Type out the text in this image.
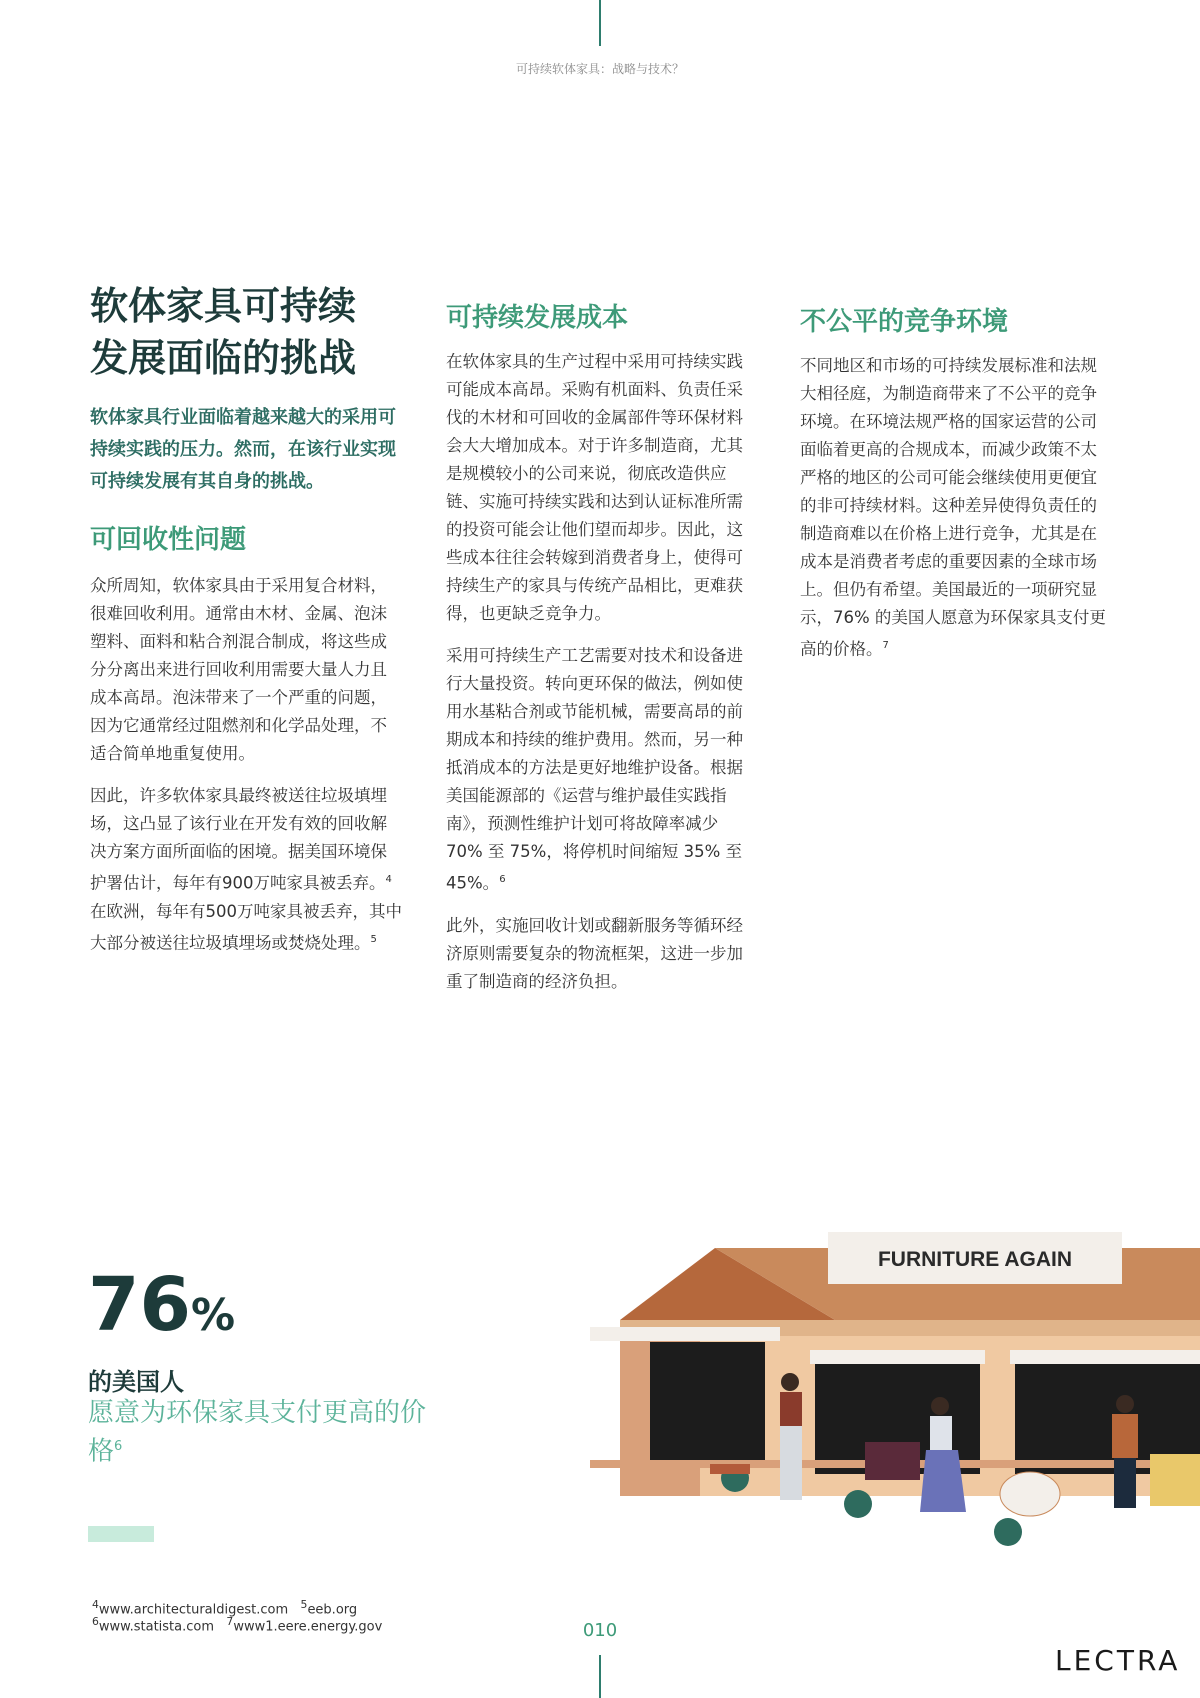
可持续软体家具：战略与技术？
软体家具可持续
发展面临的挑战

软体家具行业面临着越来越大的采用可持续实践的压力。然而，在该行业实现可持续发展有其自身的挑战。

可回收性问题

众所周知，软体家具由于采用复合材料，很难回收利用。通常由木材、金属、泡沫塑料、面料和粘合剂混合制成，将这些成分分离出来进行回收利用需要大量人力且成本高昂。泡沫带来了一个严重的问题，因为它通常经过阻燃剂和化学品处理，不适合简单地重复使用。

因此，许多软体家具最终被送往垃圾填埋场，这凸显了该行业在开发有效的回收解决方案方面所面临的困境。据美国环境保护署估计，每年有900万吨家具被丢弃。$^4$在欧洲，每年有500万吨家具被丢弃，其中大部分被送往垃圾填埋场或焚烧处理。$^5$

可持续发展成本

在软体家具的生产过程中采用可持续实践可能成本高昂。采购有机面料、负责任采伐的木材和可回收的金属部件等环保材料会大大增加成本。对于许多制造商，尤其是规模较小的公司来说，彻底改造供应链、实施可持续实践和达到认证标准所需的投资可能会让他们望而却步。因此，这些成本往往会转嫁到消费者身上，使得可持续生产的家具与传统产品相比，更难获得，也更缺乏竞争力。

采用可持续生产工艺需要对技术和设备进行大量投资。转向更环保的做法，例如使用水基粘合剂或节能机械，需要高昂的前期成本和持续的维护费用。然而，另一种抵消成本的方法是更好地维护设备。根据美国能源部的《运营与维护最佳实践指南》，预测性维护计划可将故障率减少 70% 至 75%，将停机时间缩短 35% 至 45%。$^6$

此外，实施回收计划或翻新服务等循环经济原则需要复杂的物流框架，这进一步加重了制造商的经济负担。

不公平的竞争环境

不同地区和市场的可持续发展标准和法规大相径庭，为制造商带来了不公平的竞争环境。在环境法规严格的国家运营的公司面临着更高的合规成本，而减少政策不太严格的地区的公司可能会继续使用更便宜的非可持续材料。这种差异使得负责任的制造商难以在价格上进行竞争，尤其是在成本是消费者考虑的重要因素的全球市场上。但仍有希望。美国最近的一项研究显示，76% 的美国人愿意为环保家具支付更高的价格。$^7$

76%
的美国人
愿意为环保家具支付更高的价格$^6$
FURNITURE AGAIN
$^4$www.architecturaldigest.com $^5$eeb.org
$^6$www.statista.com $^7$www1.eere.energy.gov	010
LECTRA
